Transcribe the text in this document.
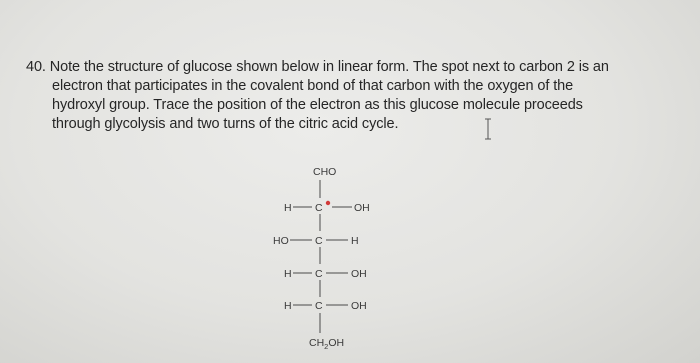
40. Note the structure of glucose shown below in linear form. The spot next to carbon 2 is an
electron that participates in the covalent bond of that carbon with the oxygen of the
hydroxyl group. Trace the position of the electron as this glucose molecule proceeds
through glycolysis and two turns of the citric acid cycle.
CHO
H C	OH
HO	C	H
H C	OH
H C	OH
$CH_2OH$
